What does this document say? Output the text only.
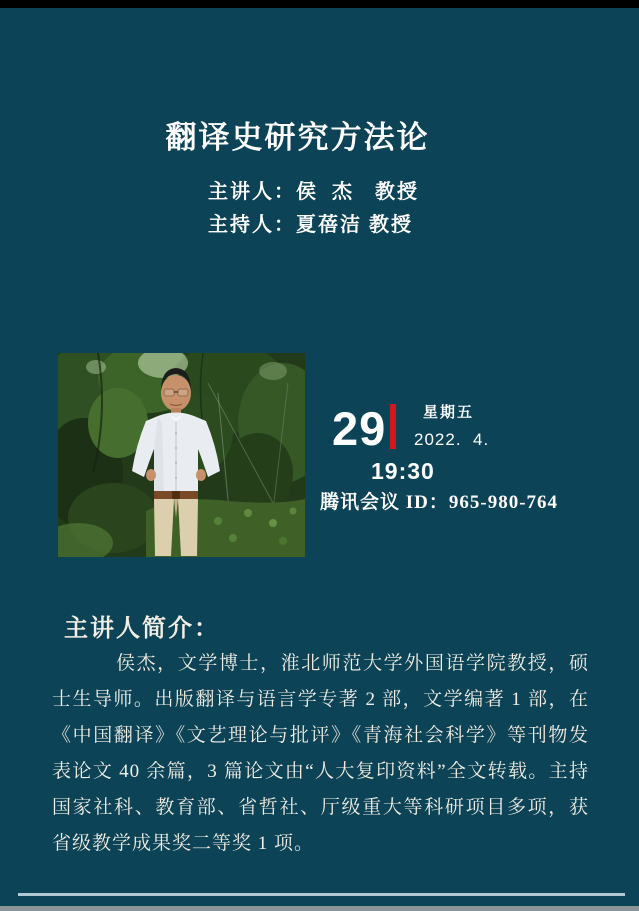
翻译史研究方法论
主讲人：侯  杰   教授
主持人：夏蓓洁 教授
29 星期五
2022.  4.
19:30
腾讯会议 ID：965-980-764
主讲人简介：

侯杰，文学博士，淮北师范大学外国语学院教授，硕士生导师。出版翻译与语言学专著 2 部，文学编著 1 部，在《中国翻译》《文艺理论与批评》《青海社会科学》等刊物发表论文 40 余篇，3 篇论文由“人大复印资料”全文转载。主持国家社科、教育部、省哲社、厅级重大等科研项目多项，获省级教学成果奖二等奖 1 项。
